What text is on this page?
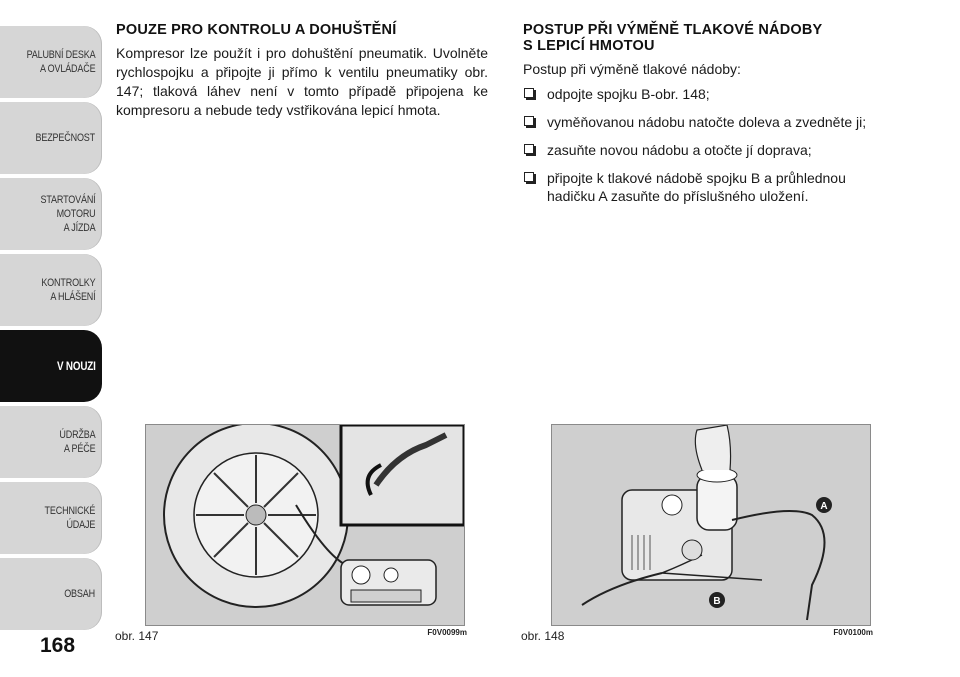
PALUBNÍ DESKA
A OVLÁDAČE
BEZPEČNOST
STARTOVÁNÍ
MOTORU
A JÍZDA
KONTROLKY
A HLÁŠENÍ
V NOUZI
ÚDRŽBA
A PÉČE
TECHNICKÉ
ÚDAJE
OBSAH
168
POUZE PRO KONTROLU A DOHUŠTĚNÍ

Kompresor lze použít i pro dohuštění pneumatik. Uvolněte rychlospojku a připojte ji přímo k ventilu pneumatiky obr. 147; tlaková láhev není v tomto případě připojena ke kompresoru a nebude tedy vstřikována lepicí hmota.

POSTUP PŘI VÝMĚNĚ TLAKOVÉ NÁDOBY
S LEPICÍ HMOTOU

Postup při výměně tlakové nádoby:

odpojte spojku B-obr. 148;
vyměňovanou nádobu natočte doleva a zvedněte ji;
zasuňte novou nádobu a otočte jí doprava;
připojte k tlakové nádobě spojku B a průhlednou hadičku A zasuňte do příslušného uložení.
obr. 147	F0V0099m
A
B
obr. 148	F0V0100m
